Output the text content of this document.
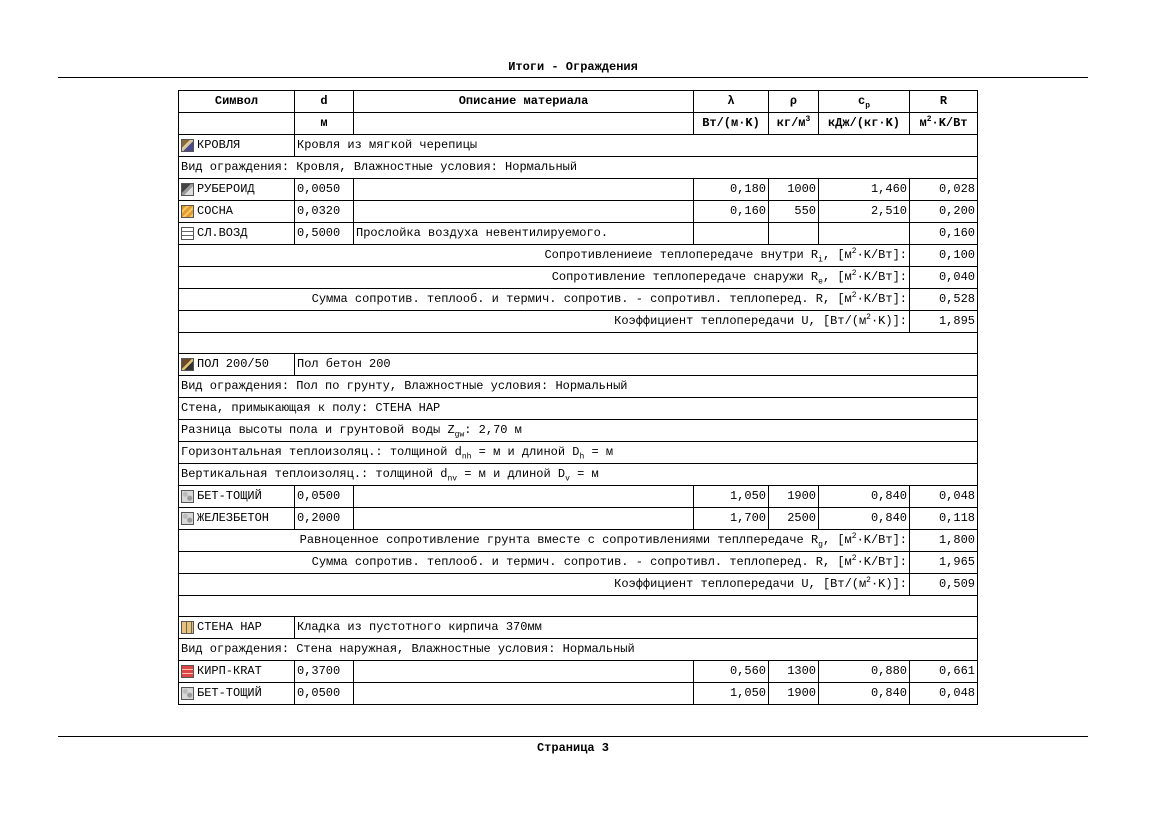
Итоги - Ограждения
Символ	d	Описание материала	λ	ρ	$c_p$	R
	м		Вт/(м·K)	$кг/м^3$	кДж/(кг·K)	$м^2\cdot K/Вт$

КРОВЛЯ	Кровля из мягкой черепицы					
Вид ограждения: Кровля, Влажностные условия: Нормальный						

РУБЕРОИД	0,0050		0,180	1000	1,460	0,028

СОСНА	0,0320		0,160	550	2,510	0,200

СЛ.ВОЗД	0,5000	Прослойка воздуха невентилируемого.				0,160
Сопротивлениеие теплопередаче внутри $R_i$, $[м^2\cdot K/Вт]$:						0,100
Сопротивление теплопередаче снаружи $R_e$, $[м^2\cdot K/Вт]$:						0,040
Сумма сопротив. теплооб. и термич. сопротив. - сопротивл. теплоперед. R, $[м^2\cdot K/Вт]$:						0,528
Коэффициент теплопередачи U, $[Вт/(м^2\cdot K)]$:						1,895

ПОЛ 200/50	Пол бетон 200					
Вид ограждения: Пол по грунту, Влажностные условия: Нормальный						
Стена, примыкающая к полу: СТЕНА НАР						
Разница высоты пола и грунтовой воды $Z_{gw}$: 2,70 м						
Горизонтальная теплоизоляц.: толщиной $d_{nh} = м$ и длиной $D_h = м$						
Вертикальная теплоизоляц.: толщиной $d_{nv} = м$ и длиной $D_v = м$						

БЕТ-ТОЩИЙ	0,0500		1,050	1900	0,840	0,048

ЖЕЛЕЗБЕТОН	0,2000		1,700	2500	0,840	0,118
Равноценное сопротивление грунта вместе с сопротивлениями теплпередаче $R_g$, $[м^2\cdot K/Вт]$:						1,800
Сумма сопротив. теплооб. и термич. сопротив. - сопротивл. теплоперед. R, $[м^2\cdot K/Вт]$:						1,965
Коэффициент теплопередачи U, $[Вт/(м^2\cdot K)]$:						0,509

СТЕНА НАР	Кладка из пустотного кирпича 370мм					
Вид ограждения: Стена наружная, Влажностные условия: Нормальный						

КИРП-КRAT	0,3700		0,560	1300	0,880	0,661

БЕТ-ТОЩИЙ	0,0500		1,050	1900	0,840	0,048
Страница 3
